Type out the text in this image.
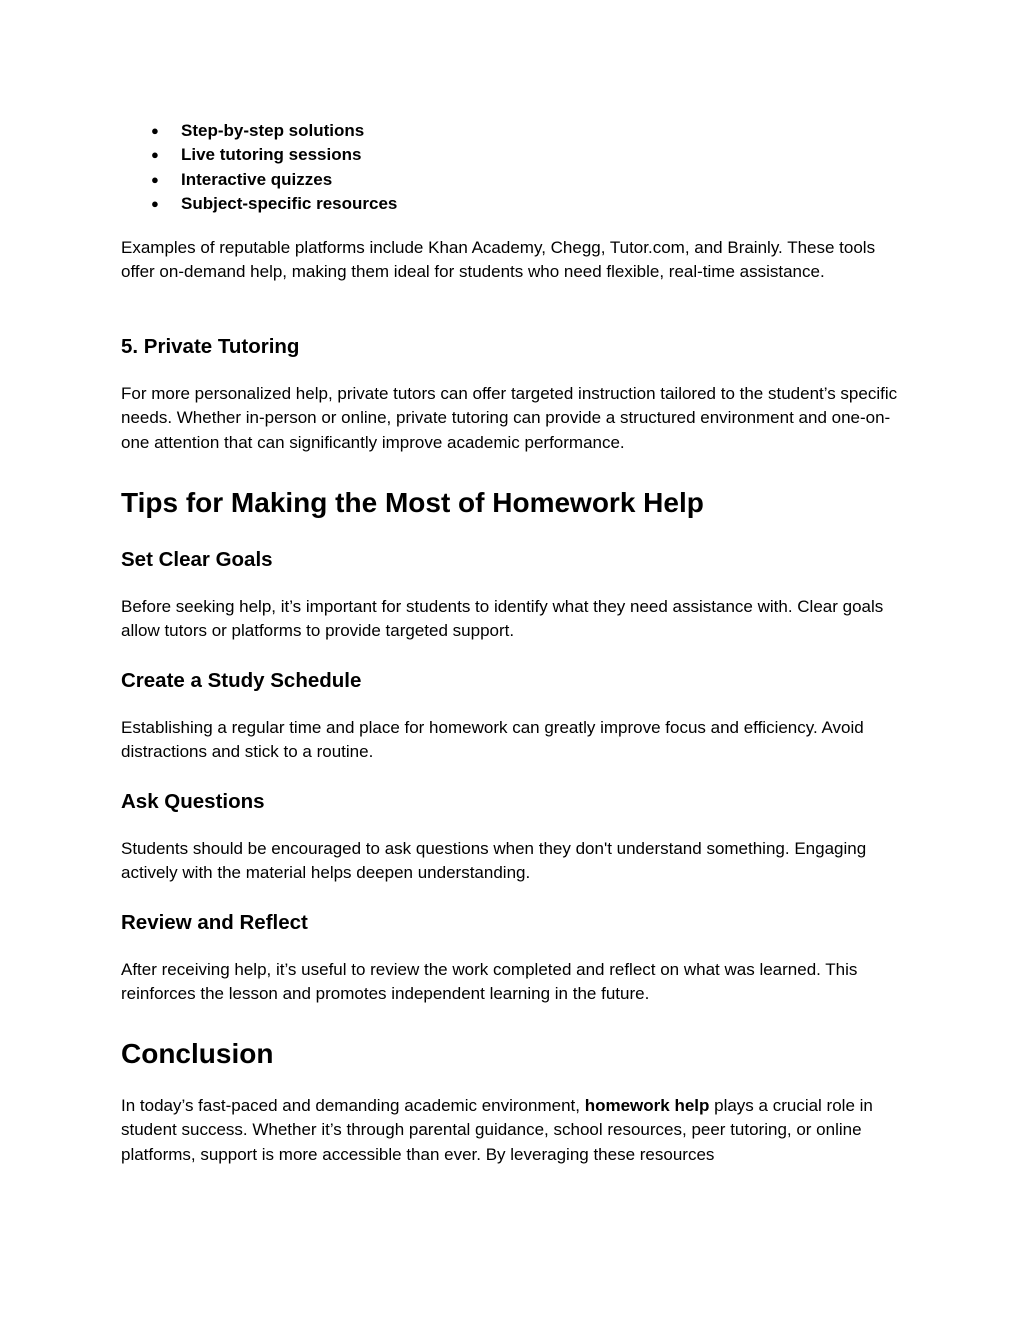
● Step-by-step solutions
● Live tutoring sessions
● Interactive quizzes
● Subject-specific resources

Examples of reputable platforms include Khan Academy, Chegg, Tutor.com, and Brainly. These tools offer on-demand help, making them ideal for students who need flexible, real-time assistance.

5. Private Tutoring

For more personalized help, private tutors can offer targeted instruction tailored to the student’s specific needs. Whether in-person or online, private tutoring can provide a structured environment and one-on-one attention that can significantly improve academic performance.

Tips for Making the Most of Homework Help
Set Clear Goals

Before seeking help, it’s important for students to identify what they need assistance with. Clear goals allow tutors or platforms to provide targeted support.

Create a Study Schedule

Establishing a regular time and place for homework can greatly improve focus and efficiency. Avoid distractions and stick to a routine.

Ask Questions

Students should be encouraged to ask questions when they don't understand something. Engaging actively with the material helps deepen understanding.

Review and Reflect

After receiving help, it’s useful to review the work completed and reflect on what was learned. This reinforces the lesson and promotes independent learning in the future.

Conclusion

In today’s fast-paced and demanding academic environment, homework help plays a crucial role in student success. Whether it’s through parental guidance, school resources, peer tutoring, or online platforms, support is more accessible than ever. By leveraging these resources
